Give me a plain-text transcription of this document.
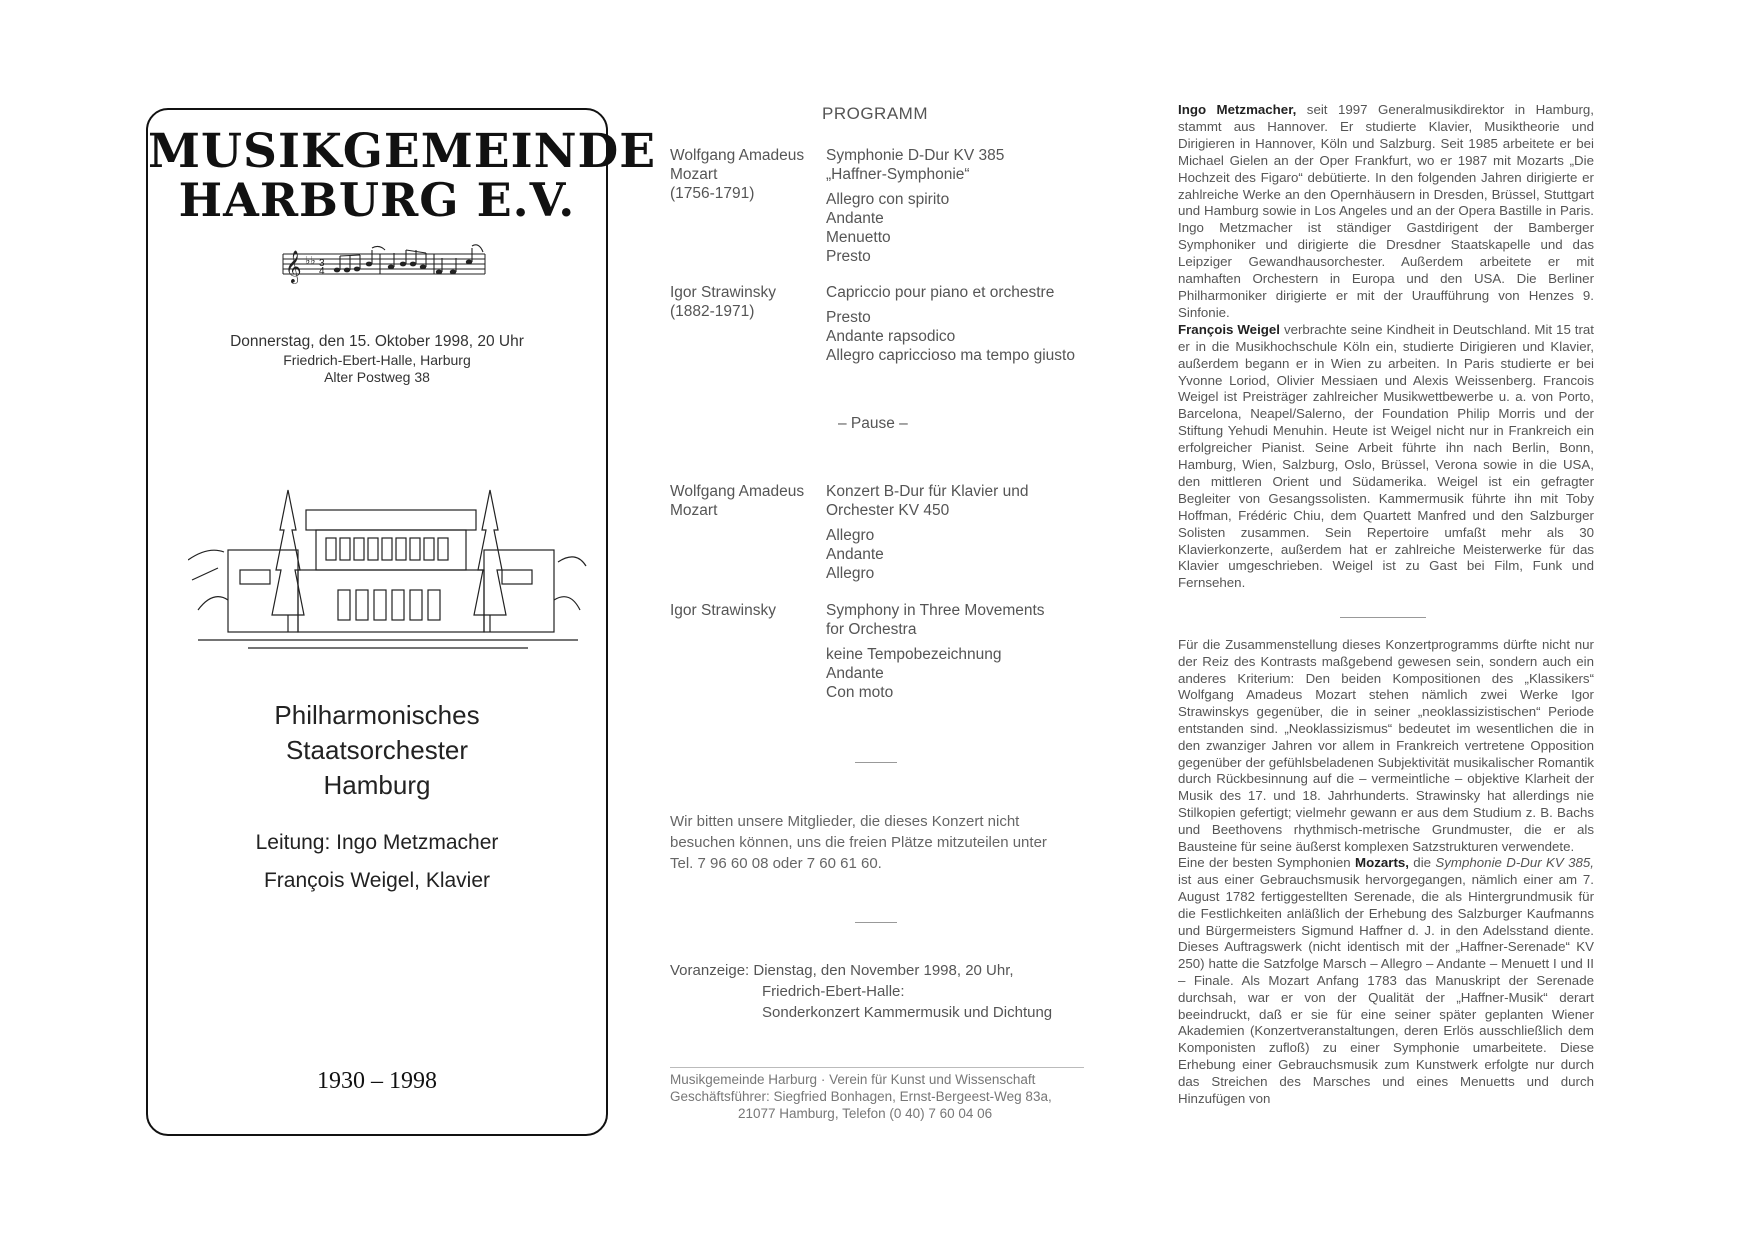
MUSIKGEMEINDE
HARBURG E.V.
𝄞 ♭♭ 3
4
Donnerstag, den 15. Oktober 1998, 20 Uhr
Friedrich-Ebert-Halle, Harburg
Alter Postweg 38
Philharmonisches
Staatsorchester
Hamburg
Leitung: Ingo Metzmacher
François Weigel, Klavier
1930 – 1998
PROGRAMM
Wolfgang Amadeus
Mozart
(1756-1791)
Symphonie D-Dur KV 385
„Haffner-Symphonie“
Allegro con spirito
Andante
Menuetto
Presto
Igor Strawinsky
(1882-1971)
Capriccio pour piano et orchestre
Presto
Andante rapsodico
Allegro capriccioso ma tempo giusto
– Pause –
Wolfgang Amadeus
Mozart
Konzert B-Dur für Klavier und
Orchester KV 450
Allegro
Andante
Allegro
Igor Strawinsky	Symphony in Three Movements
for Orchestra
keine Tempobezeichnung
Andante
Con moto
Wir bitten unsere Mitglieder, die dieses Konzert nicht
besuchen können, uns die freien Plätze mitzuteilen unter
Tel. 7 96 60 08 oder 7 60 61 60.
Voranzeige: Dienstag, den November 1998, 20 Uhr,
Friedrich-Ebert-Halle:
Sonderkonzert Kammermusik und Dichtung
Musikgemeinde Harburg · Verein für Kunst und Wissenschaft
Geschäftsführer: Siegfried Bonhagen, Ernst-Bergeest-Weg 83a,
21077 Hamburg, Telefon (0 40) 7 60 04 06

Ingo Metzmacher, seit 1997 Generalmusikdirektor in Hamburg, stammt aus Hannover. Er studierte Klavier, Musiktheorie und Dirigieren in Hannover, Köln und Salzburg. Seit 1985 arbeitete er bei Michael Gielen an der Oper Frankfurt, wo er 1987 mit Mozarts „Die Hochzeit des Figaro“ debütierte. In den folgenden Jahren dirigierte er zahlreiche Werke an den Opernhäusern in Dresden, Brüssel, Stuttgart und Hamburg sowie in Los Angeles und an der Opera Bastille in Paris. Ingo Metzmacher ist ständiger Gastdirigent der Bamberger Symphoniker und dirigierte die Dresdner Staatskapelle und das Leipziger Gewandhausorchester. Außerdem arbeitete er mit namhaften Orchestern in Europa und den USA. Die Berliner Philharmoniker dirigierte er mit der Uraufführung von Henzes 9. Sinfonie.

François Weigel verbrachte seine Kindheit in Deutschland. Mit 15 trat er in die Musikhochschule Köln ein, studierte Dirigieren und Klavier, außerdem begann er in Wien zu arbeiten. In Paris studierte er bei Yvonne Loriod, Olivier Messiaen und Alexis Weissenberg. Francois Weigel ist Preisträger zahlreicher Musikwettbewerbe u. a. von Porto, Barcelona, Neapel/Salerno, der Foundation Philip Morris und der Stiftung Yehudi Menuhin. Heute ist Weigel nicht nur in Frankreich ein erfolgreicher Pianist. Seine Arbeit führte ihn nach Berlin, Bonn, Hamburg, Wien, Salzburg, Oslo, Brüssel, Verona sowie in die USA, den mittleren Orient und Südamerika. Weigel ist ein gefragter Begleiter von Gesangssolisten. Kammermusik führte ihn mit Toby Hoffman, Frédéric Chiu, dem Quartett Manfred und den Salzburger Solisten zusammen. Sein Repertoire umfaßt mehr als 30 Klavierkonzerte, außerdem hat er zahlreiche Meisterwerke für das Klavier umgeschrieben. Weigel ist zu Gast bei Film, Funk und Fernsehen.

Für die Zusammenstellung dieses Konzertprogramms dürfte nicht nur der Reiz des Kontrasts maßgebend gewesen sein, sondern auch ein anderes Kriterium: Den beiden Kompositionen des „Klassikers“ Wolfgang Amadeus Mozart stehen nämlich zwei Werke Igor Strawinskys gegenüber, die in seiner „neoklassizistischen“ Periode entstanden sind. „Neoklassizismus“ bedeutet im wesentlichen die in den zwanziger Jahren vor allem in Frankreich vertretene Opposition gegenüber der gefühlsbeladenen Subjektivität musikalischer Romantik durch Rückbesinnung auf die – vermeintliche – objektive Klarheit der Musik des 17. und 18. Jahrhunderts. Strawinsky hat allerdings nie Stilkopien gefertigt; vielmehr gewann er aus dem Studium z. B. Bachs und Beethovens rhythmisch-metrische Grundmuster, die er als Bausteine für seine äußerst komplexen Satzstrukturen verwendete.

Eine der besten Symphonien Mozarts, die Symphonie D-Dur KV 385, ist aus einer Gebrauchsmusik hervorgegangen, nämlich einer am 7. August 1782 fertiggestellten Serenade, die als Hintergrundmusik für die Festlichkeiten anläßlich der Erhebung des Salzburger Kaufmanns und Bürgermeisters Sigmund Haffner d. J. in den Adelsstand diente. Dieses Auftragswerk (nicht identisch mit der „Haffner-Serenade“ KV 250) hatte die Satzfolge Marsch – Allegro – Andante – Menuett I und II – Finale. Als Mozart Anfang 1783 das Manuskript der Serenade durchsah, war er von der Qualität der „Haffner-Musik“ derart beeindruckt, daß er sie für eine seiner später geplanten Wiener Akademien (Konzertveranstaltungen, deren Erlös ausschließlich dem Komponisten zufloß) zu einer Symphonie umarbeitete. Diese Erhebung einer Gebrauchsmusik zum Kunstwerk erfolgte nur durch das Streichen des Marsches und eines Menuetts und durch Hinzufügen von
